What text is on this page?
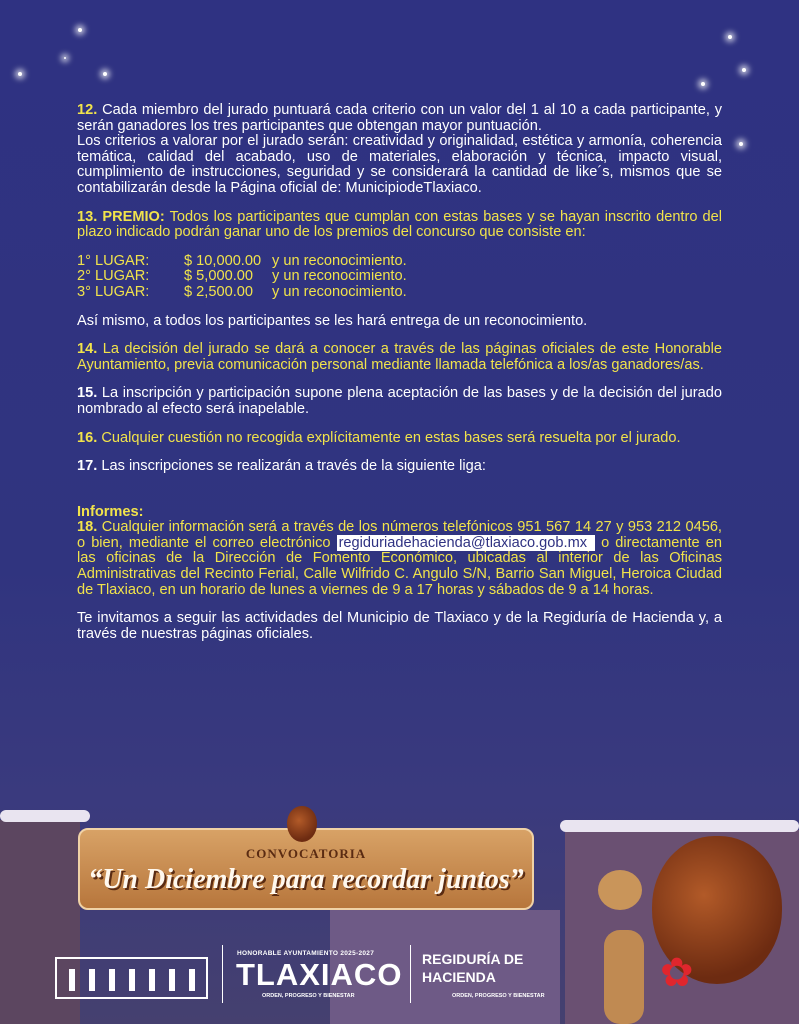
12. Cada miembro del jurado puntuará cada criterio con un valor del 1 al 10 a cada participante, y serán ganadores los tres participantes que obtengan mayor puntuación.
Los criterios a valorar por el jurado serán: creatividad y originalidad, estética y armonía, coherencia temática, calidad del acabado, uso de materiales, elaboración y técnica, impacto visual, cumplimiento de instrucciones, seguridad y se considerará la cantidad de like´s, mismos que se contabilizarán desde la Página oficial de: MunicipiodeTlaxiaco.

13. PREMIO: Todos los participantes que cumplan con estas bases y se hayan inscrito dentro del plazo indicado podrán ganar uno de los premios del concurso que consiste en:

1° LUGAR:	$ 10,000.00 y un reconocimiento.
2° LUGAR:	$ 5,000.00	y un reconocimiento.
3° LUGAR:	$ 2,500.00	y un reconocimiento.

Así mismo, a todos los participantes se les hará entrega de un reconocimiento.

14. La decisión del jurado se dará a conocer a través de las páginas oficiales de este Honorable Ayuntamiento, previa comunicación personal mediante llamada telefónica a los/as ganadores/as.

15. La inscripción y participación supone plena aceptación de las bases y de la decisión del jurado nombrado al efecto será inapelable.

16. Cualquier cuestión no recogida explícitamente en estas bases será resuelta por el jurado.

17. Las inscripciones se realizarán a través de la siguiente liga:

Informes:
18. Cualquier información será a través de los números telefónicos 951 567 14 27 y 953 212 0456, o bien, mediante el correo electrónico regiduriadehacienda@tlaxiaco.gob.mx o directamente en las oficinas de la Dirección de Fomento Económico, ubicadas al interior de las Oficinas Administrativas del Recinto Ferial, Calle Wilfrido C. Angulo S/N, Barrio San Miguel, Heroica Ciudad de Tlaxiaco, en un horario de lunes a viernes de 9 a 17 horas y sábados de 9 a 14 horas.

Te invitamos a seguir las actividades del Municipio de Tlaxiaco y de la Regiduría de Hacienda y, a través de nuestras páginas oficiales.

CONVOCATORIA
“Un Diciembre para recordar juntos”
✿
HONORABLE AYUNTAMIENTO 2025-2027
TLAXIACO
ORDEN, PROGRESO Y BIENESTAR
REGIDURÍA DE
HACIENDA
ORDEN, PROGRESO Y BIENESTAR
